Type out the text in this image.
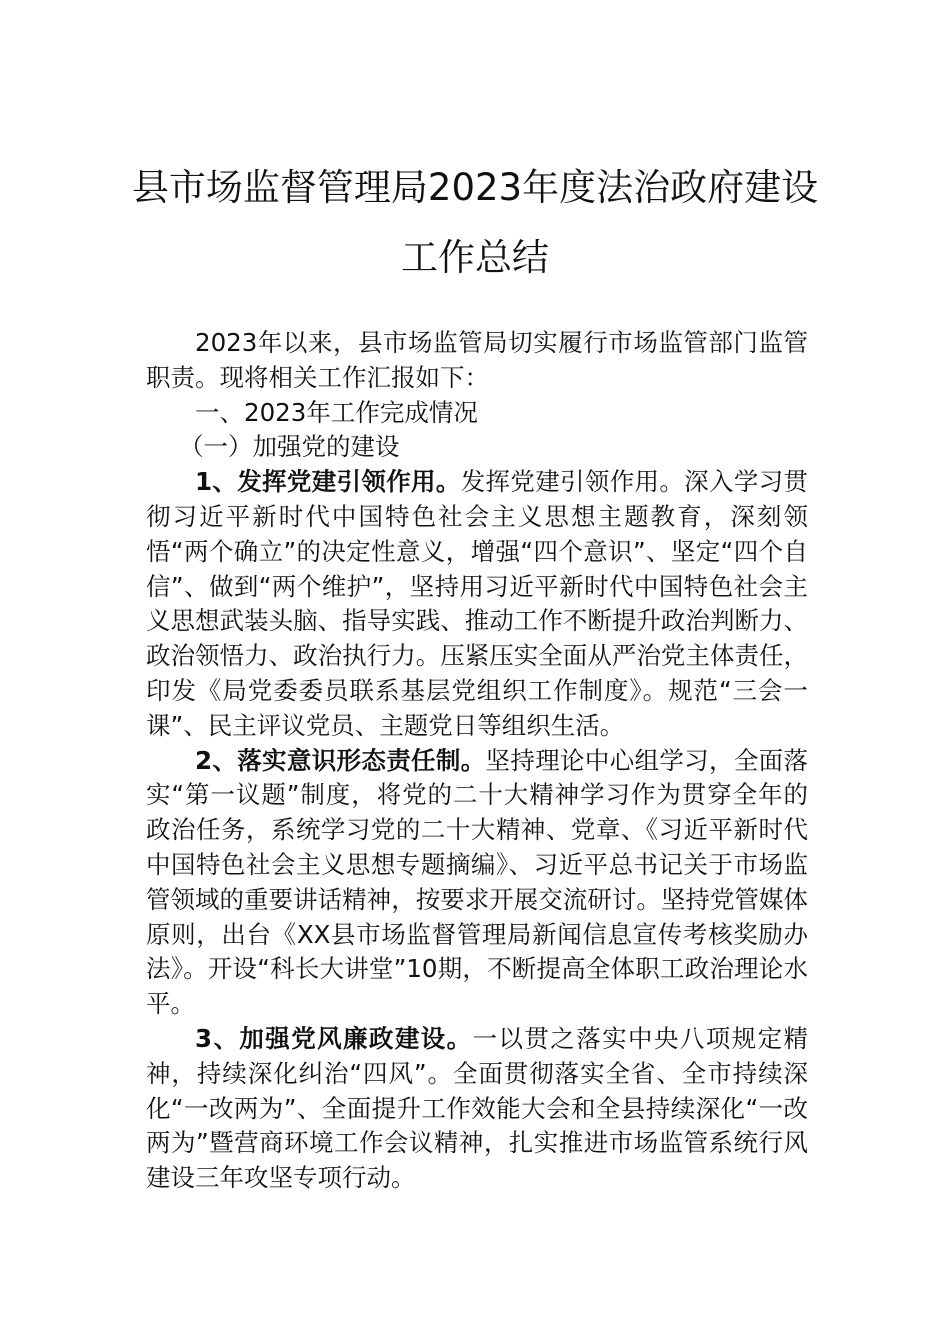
县市场监督管理局2023年度法治政府建设
工作总结

2023年以来，县市场监管局切实履行市场监管部门监管职责。现将相关工作汇报如下：

一、2023年工作完成情况

（一）加强党的建设

1、发挥党建引领作用。发挥党建引领作用。深入学习贯彻习近平新时代中国特色社会主义思想主题教育，深刻领悟“两个确立”的决定性意义，增强“四个意识”、坚定“四个自信”、做到“两个维护”，坚持用习近平新时代中国特色社会主义思想武装头脑、指导实践、推动工作不断提升政治判断力、政治领悟力、政治执行力。压紧压实全面从严治党主体责任，印发《局党委委员联系基层党组织工作制度》。规范“三会一课”、民主评议党员、主题党日等组织生活。

2、落实意识形态责任制。坚持理论中心组学习，全面落实“第一议题”制度，将党的二十大精神学习作为贯穿全年的政治任务，系统学习党的二十大精神、党章、《习近平新时代中国特色社会主义思想专题摘编》、习近平总书记关于市场监管领域的重要讲话精神，按要求开展交流研讨。坚持党管媒体原则，出台《XX县市场监督管理局新闻信息宣传考核奖励办法》。开设“科长大讲堂”10期，不断提高全体职工政治理论水平。

3、加强党风廉政建设。一以贯之落实中央八项规定精神，持续深化纠治“四风”。全面贯彻落实全省、全市持续深化“一改两为”、全面提升工作效能大会和全县持续深化“一改两为”暨营商环境工作会议精神，扎实推进市场监管系统行风建设三年攻坚专项行动。
